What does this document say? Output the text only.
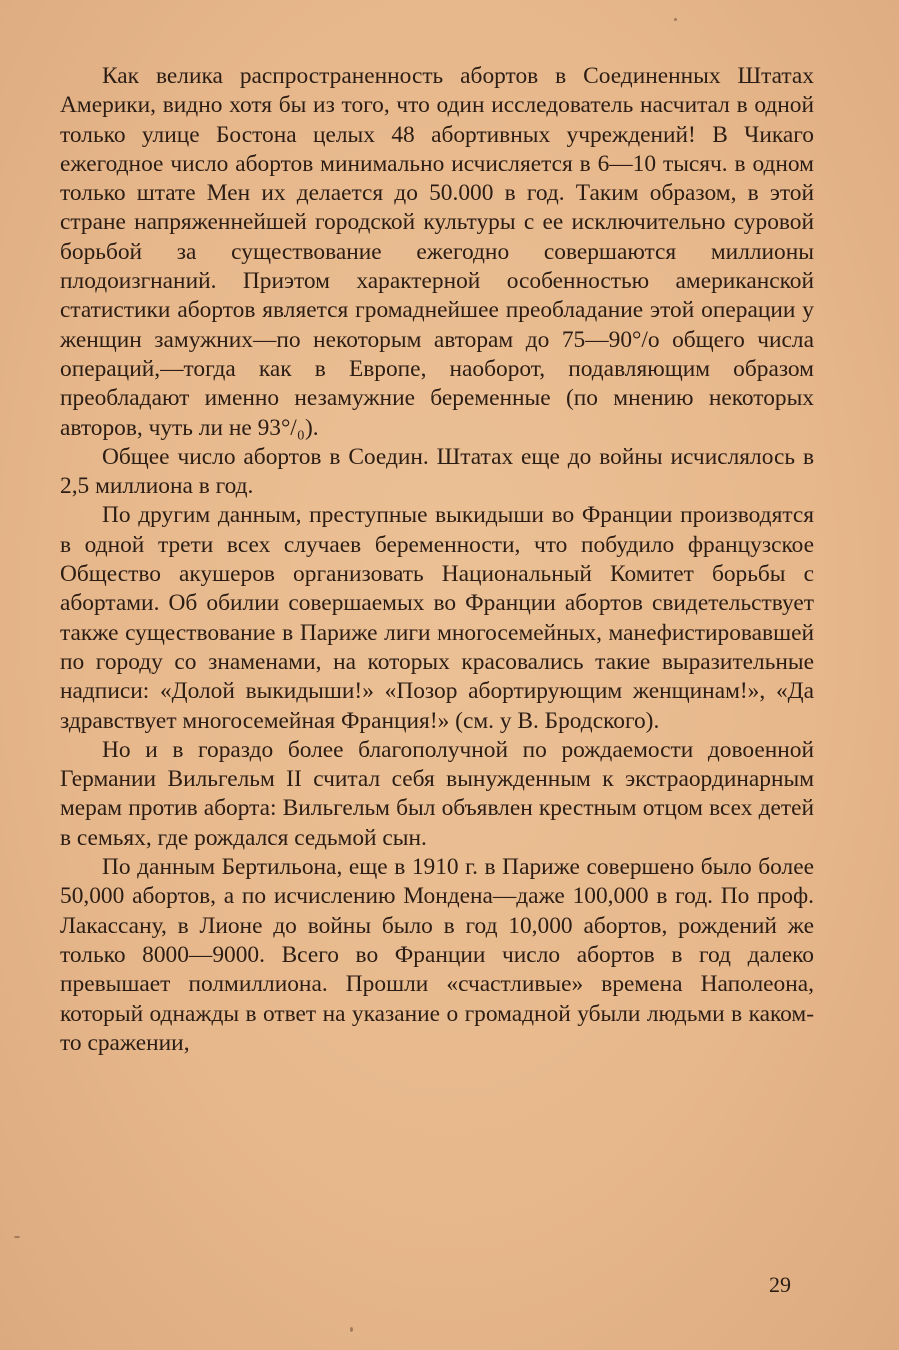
Как велика распространенность абортов в Соединенных Штатах Америки, видно хотя бы из того, что один исследователь насчитал в одной только улице Бостона целых 48 абортивных учреждений! В Чикаго ежегодное число абортов минимально исчисляется в 6—10 тысяч. в одном только штате Мен их делается до 50.000 в год. Таким образом, в этой стране напряженнейшей городской культуры с ее исключительно суровой борьбой за существование ежегодно совершаются миллионы плодоизгнаний. Приэтом характерной особенностью американской статистики абортов является громаднейшее преобладание этой операции у женщин замужних—по некоторым авторам до 75—90°/о общего числа операций,—тогда как в Европе, наоборот, подавляющим образом преобладают именно незамужние беременные (по мнению некоторых авторов, чуть ли не 93°/₀).

Общее число абортов в Соедин. Штатах еще до войны исчислялось в 2,5 миллиона в год.

По другим данным, преступные выкидыши во Франции производятся в одной трети всех случаев беременности, что побудило французское Общество акушеров организовать Национальный Комитет борьбы с абортами. Об обилии совершаемых во Франции абортов свидетельствует также существование в Париже лиги многосемейных, манефистировавшей по городу со знаменами, на которых красовались такие выразительные надписи: «Долой выкидыши!» «Позор абортирующим женщинам!», «Да здравствует многосемейная Франция!» (см. у В. Бродского).

Но и в гораздо более благополучной по рождаемости довоенной Германии Вильгельм II считал себя вынужденным к экстраординарным мерам против аборта: Вильгельм был объявлен крестным отцом всех детей в семьях, где рождался седьмой сын.

По данным Бертильона, еще в 1910 г. в Париже совершено было более 50,000 абортов, а по исчислению Мондена—даже 100,000 в год. По проф. Лакассану, в Лионе до войны было в год 10,000 абортов, рождений же только 8000—9000. Всего во Франции число абортов в год далеко превышает полмиллиона. Прошли «счастливые» времена Наполеона, который однажды в ответ на указание о громадной убыли людьми в каком-то сражении,

29
